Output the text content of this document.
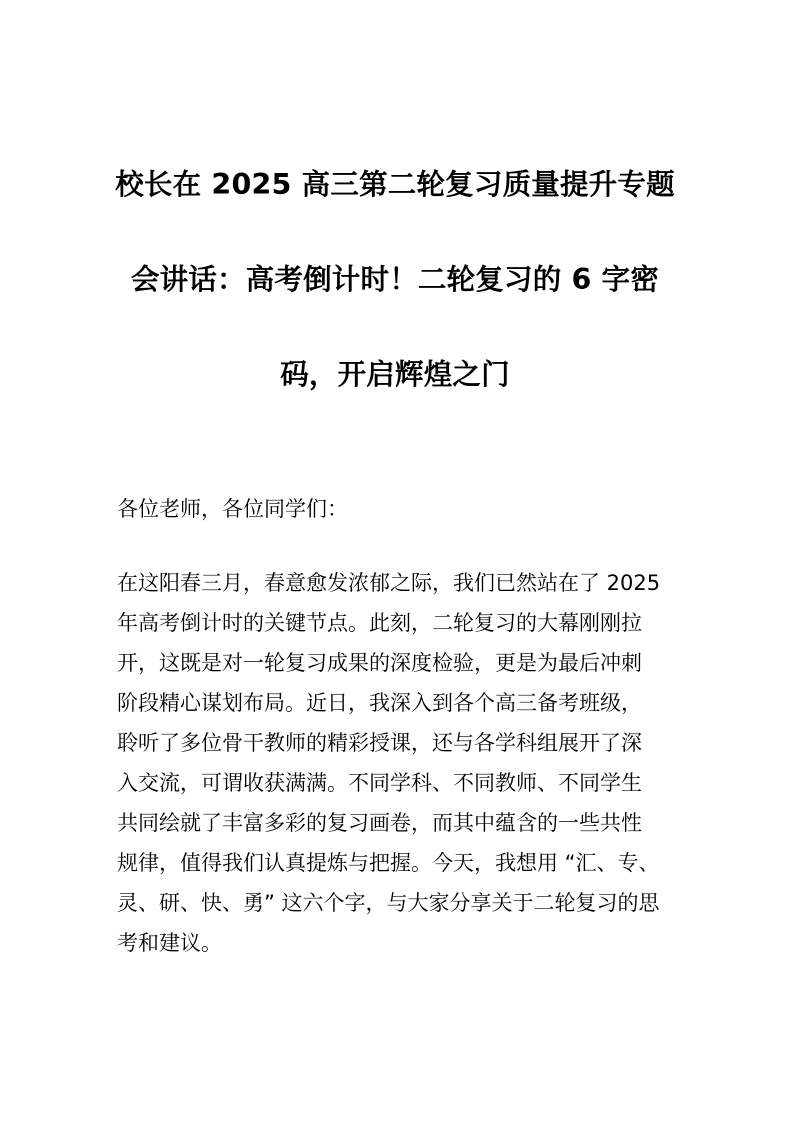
校长在 2025 高三第二轮复习质量提升专题
会讲话：高考倒计时！二轮复习的 6 字密
码，开启辉煌之门
各位老师，各位同学们：
在这阳春三月，春意愈发浓郁之际，我们已然站在了 2025
年高考倒计时的关键节点。此刻，二轮复习的大幕刚刚拉
开，这既是对一轮复习成果的深度检验，更是为最后冲刺
阶段精心谋划布局。近日，我深入到各个高三备考班级，
聆听了多位骨干教师的精彩授课，还与各学科组展开了深
入交流，可谓收获满满。不同学科、不同教师、不同学生
共同绘就了丰富多彩的复习画卷，而其中蕴含的一些共性
规律，值得我们认真提炼与把握。今天，我想用 “汇、专、
灵、研、快、勇” 这六个字，与大家分享关于二轮复习的思
考和建议。
